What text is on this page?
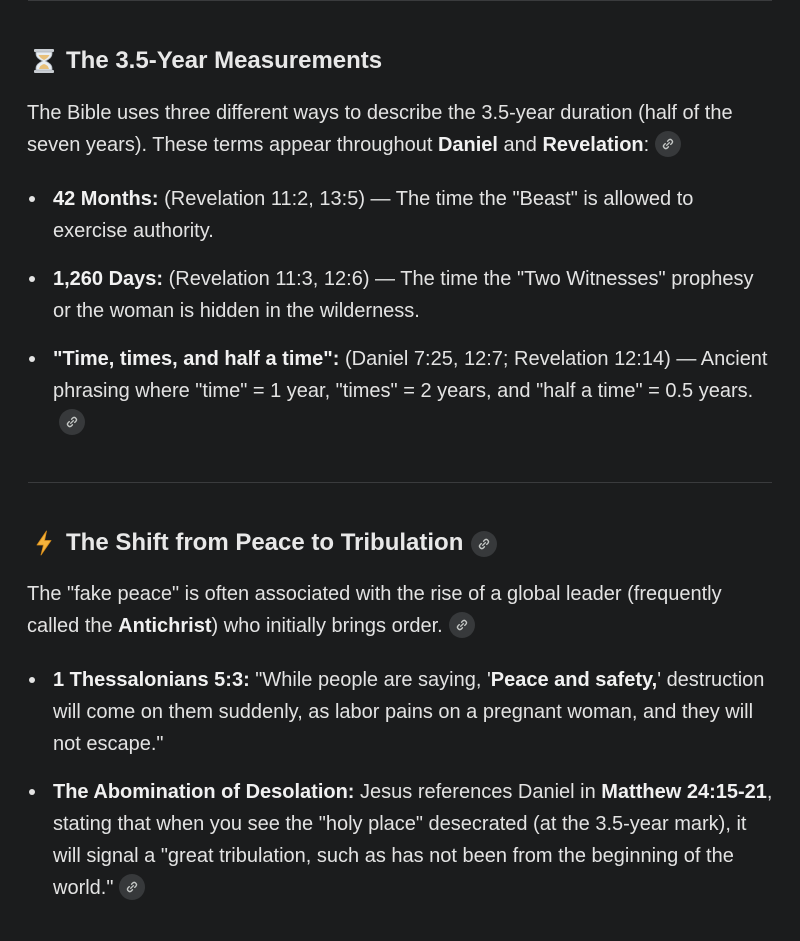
The 3.5-Year Measurements
The Bible uses three different ways to describe the 3.5-year duration (half of the seven years). These terms appear throughout Daniel and Revelation:
42 Months: (Revelation 11:2, 13:5) — The time the "Beast" is allowed to exercise authority.
1,260 Days: (Revelation 11:3, 12:6) — The time the "Two Witnesses" prophesy or the woman is hidden in the wilderness.
"Time, times, and half a time": (Daniel 7:25, 12:7; Revelation 12:14) — Ancient phrasing where "time" = 1 year, "times" = 2 years, and "half a time" = 0.5 years.
The Shift from Peace to Tribulation
The "fake peace" is often associated with the rise of a global leader (frequently called the Antichrist) who initially brings order.
1 Thessalonians 5:3: "While people are saying, 'Peace and safety,' destruction will come on them suddenly, as labor pains on a pregnant woman, and they will not escape."
The Abomination of Desolation: Jesus references Daniel in Matthew 24:15-21, stating that when you see the "holy place" desecrated (at the 3.5-year mark), it will signal a "great tribulation, such as has not been from the beginning of the world."
